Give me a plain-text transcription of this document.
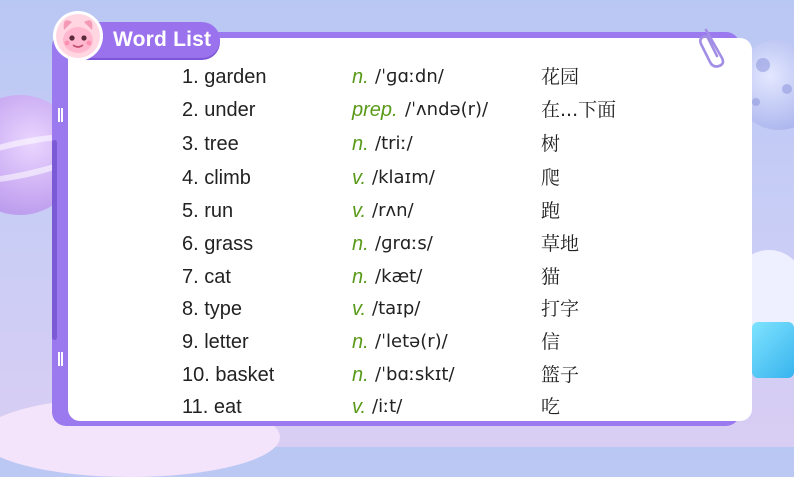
Word List
1. garden	n. /ˈɡɑːdn/	花园
2. under	prep. /ˈʌndə(r)/	在...下面
3. tree	n. /triː/	树
4. climb	v. /klaɪm/	爬
5. run	v. /rʌn/	跑
6. grass	n. /ɡrɑːs/	草地
7. cat	n. /kæt/	猫
8. type	v. /taɪp/	打字
9. letter	n. /ˈletə(r)/	信
10. basket	n. /ˈbɑːskɪt/	篮子
11. eat	v. /iːt/	吃
